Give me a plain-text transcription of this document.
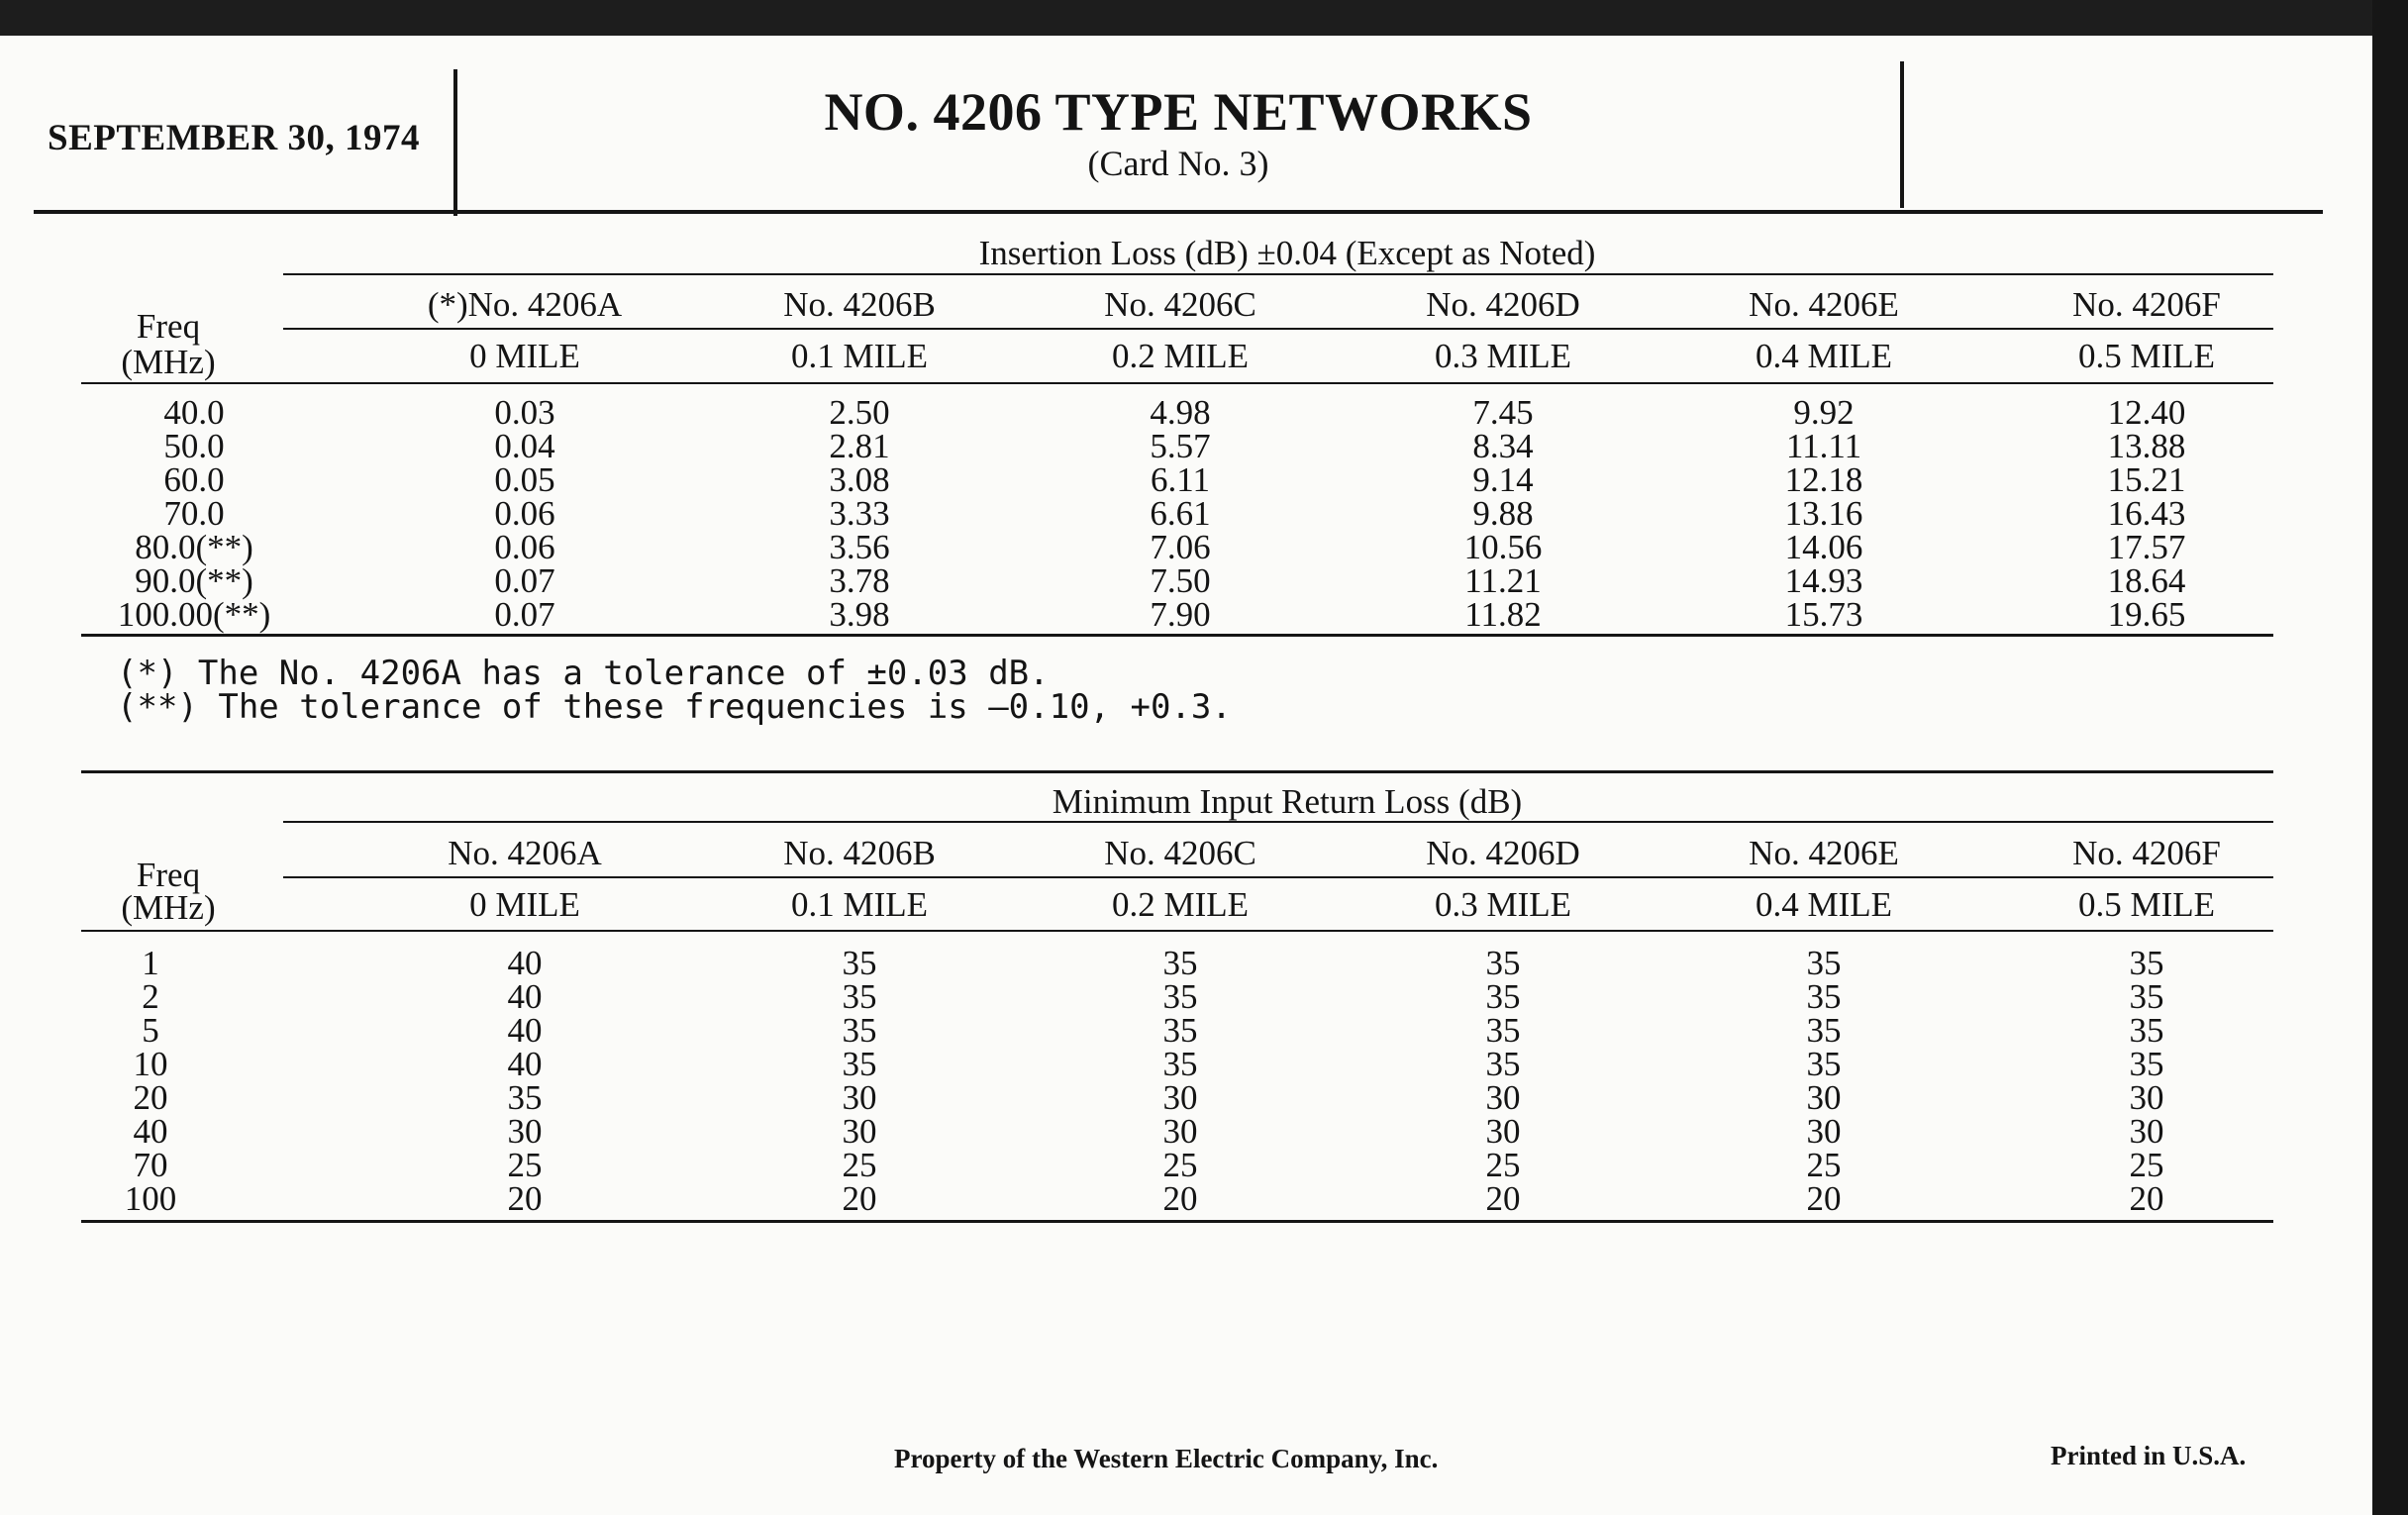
SEPTEMBER 30, 1974	NO. 4206 TYPE NETWORKS
(Card No. 3)
Insertion Loss (dB) ±0.04 (Except as Noted)
Freq
(MHz)
(*)No. 4206A
0 MILE
No. 4206B
0.1 MILE
No. 4206C
0.2 MILE
No. 4206D
0.3 MILE
No. 4206E
0.4 MILE
No. 4206F
0.5 MILE
40.0
50.0
60.0
70.0
80.0(**)
90.0(**)
100.00(**)
0.03
0.04
0.05
0.06
0.06
0.07
0.07
2.50
2.81
3.08
3.33
3.56
3.78
3.98
4.98
5.57
6.11
6.61
7.06
7.50
7.90
7.45
8.34
9.14
9.88
10.56
11.21
11.82
9.92
11.11
12.18
13.16
14.06
14.93
15.73
12.40
13.88
15.21
16.43
17.57
18.64
19.65
(*) The No. 4206A has a tolerance of ±0.03 dB.
(**) The tolerance of these frequencies is —0.10, +0.3.
Minimum Input Return Loss (dB)
Freq
(MHz)
No. 4206A
0 MILE
No. 4206B
0.1 MILE
No. 4206C
0.2 MILE
No. 4206D
0.3 MILE
No. 4206E
0.4 MILE
No. 4206F
0.5 MILE
1
2
5
10
20
40
70
100
40
40
40
40
35
30
25
20
35
35
35
35
30
30
25
20
35
35
35
35
30
30
25
20
35
35
35
35
30
30
25
20
35
35
35
35
30
30
25
20
35
35
35
35
30
30
25
20
Property of the Western Electric Company, Inc.	Printed in U.S.A.
